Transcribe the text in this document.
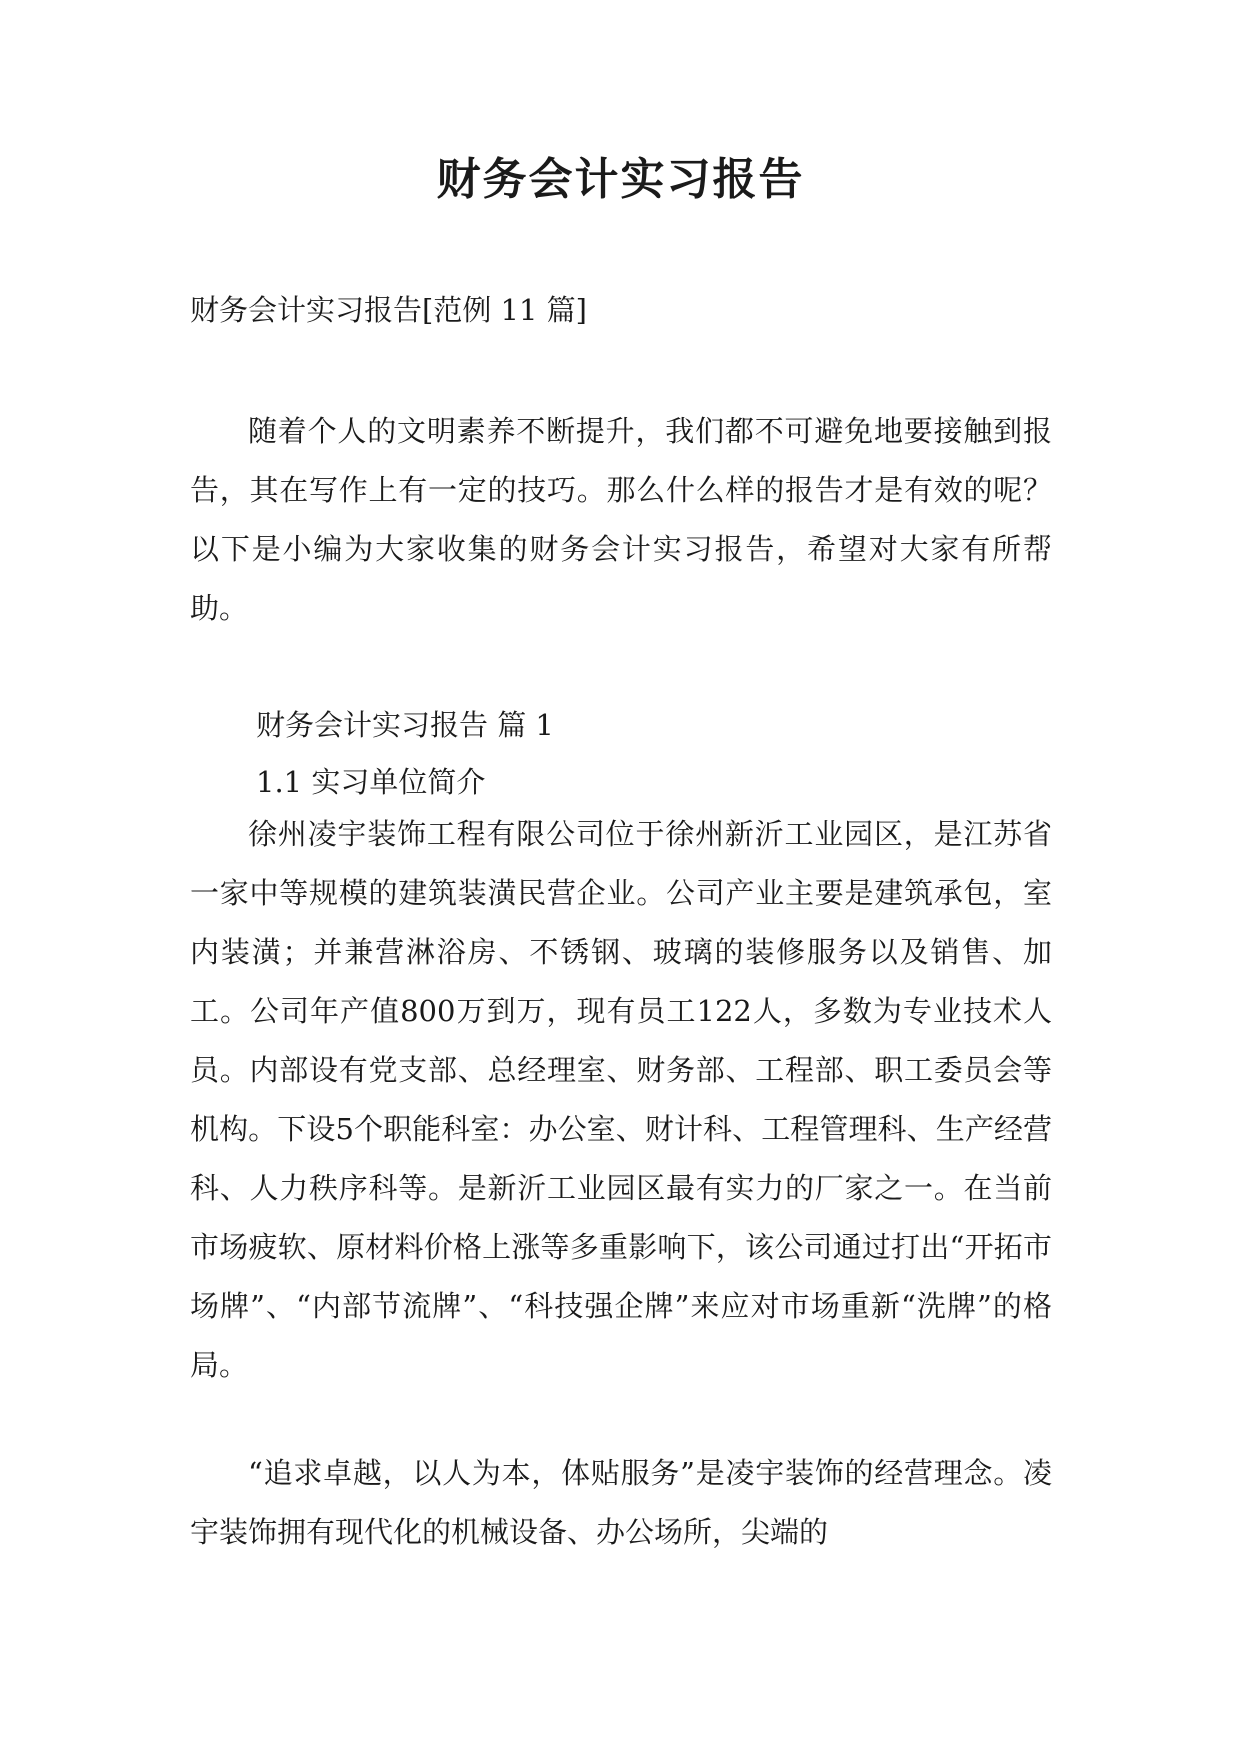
财务会计实习报告
财务会计实习报告[范例 11 篇]
随着个人的文明素养不断提升，我们都不可避免地要接触到报告，其在写作上有一定的技巧。那么什么样的报告才是有效的呢？以下是小编为大家收集的财务会计实习报告，希望对大家有所帮助。
财务会计实习报告 篇 1
1.1 实习单位简介
徐州凌宇装饰工程有限公司位于徐州新沂工业园区，是江苏省一家中等规模的建筑装潢民营企业。公司产业主要是建筑承包，室内装潢；并兼营淋浴房、不锈钢、玻璃的装修服务以及销售、加工。公司年产值800万到万，现有员工122人，多数为专业技术人员。内部设有党支部、总经理室、财务部、工程部、职工委员会等机构。下设5个职能科室：办公室、财计科、工程管理科、生产经营科、人力秩序科等。是新沂工业园区最有实力的厂家之一。在当前市场疲软、原材料价格上涨等多重影响下，该公司通过打出“开拓市场牌”、“内部节流牌”、“科技强企牌”来应对市场重新“洗牌”的格局。
“追求卓越，以人为本，体贴服务”是凌宇装饰的经营理念。凌宇装饰拥有现代化的机械设备、办公场所，尖端的
